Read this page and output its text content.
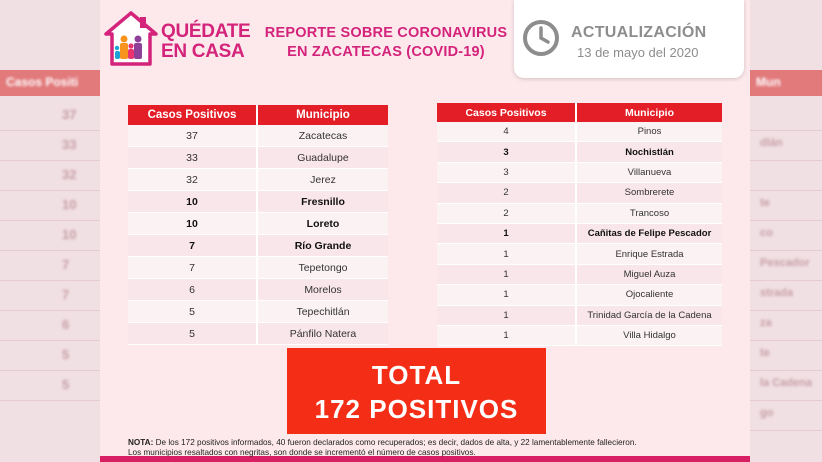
Casos Positi
37
33
32
10
10
7
7
6
5
5
Mun
dlán
te
co
Pescador
strada
za
te
la Cadena
go
QUÉDATE
EN CASA
REPORTE SOBRE CORONAVIRUS
EN ZACATECAS (COVID-19)
ACTUALIZACIÓN
13 de mayo del 2020
Casos Positivos	Municipio
37	Zacatecas
33	Guadalupe
32	Jerez
10	Fresnillo
10	Loreto
7	Río Grande
7	Tepetongo
6	Morelos
5	Tepechitlán
5	Pánfilo Natera
Casos Positivos	Municipio
4	Pinos
3	Nochistlán
3	Villanueva
2	Sombrerete
2	Trancoso
1	Cañitas de Felipe Pescador
1	Enrique Estrada
1	Miguel Auza
1	Ojocaliente
1	Trinidad García de la Cadena
1	Villa Hidalgo
TOTAL
172 POSITIVOS
NOTA: De los 172 positivos informados, 40 fueron declarados como recuperados; es decir, dados de alta, y 22 lamentablemente fallecieron.
Los municipios resaltados con negritas, son donde se incrementó el número de casos positivos.
